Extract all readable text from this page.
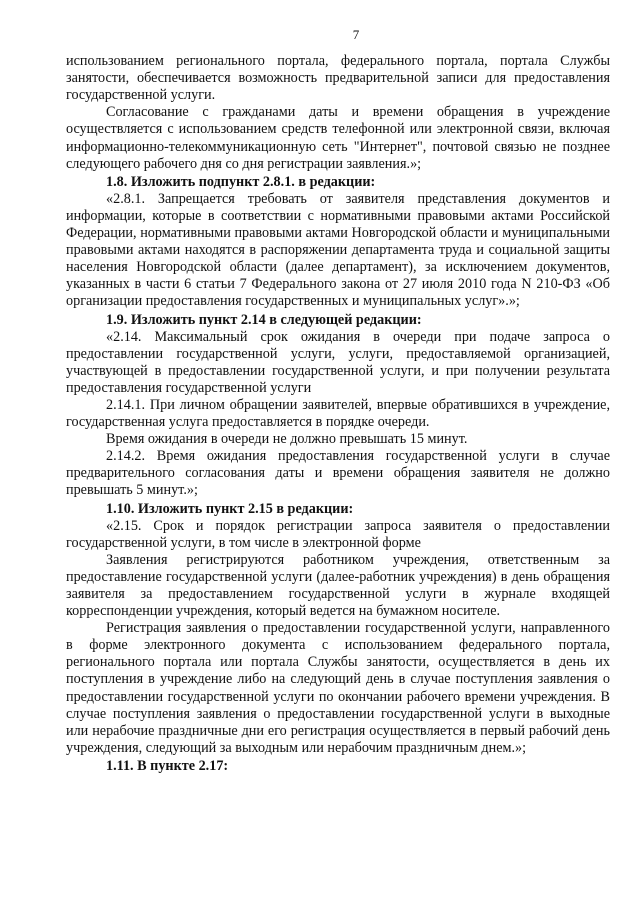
7

использованием регионального портала, федерального портала, портала Службы занятости, обеспечивается возможность предварительной записи для предоставления государственной услуги.

Согласование с гражданами даты и времени обращения в учреждение осуществляется с использованием средств телефонной или электронной связи, включая информационно-телекоммуникационную сеть "Интернет", почтовой связью не позднее следующего рабочего дня со дня регистрации заявления.»;

1.8. Изложить подпункт 2.8.1. в редакции:

«2.8.1. Запрещается требовать от заявителя представления документов и информации, которые в соответствии с нормативными правовыми актами Российской Федерации, нормативными правовыми актами Новгородской области и муниципальными правовыми актами находятся в распоряжении департамента труда и социальной защиты населения Новгородской области (далее департамент), за исключением документов, указанных в части 6 статьи 7 Федерального закона от 27 июля 2010 года N 210-ФЗ «Об организации предоставления государственных и муниципальных услуг».»;

1.9. Изложить пункт 2.14 в следующей редакции:

«2.14. Максимальный срок ожидания в очереди при подаче запроса о предоставлении государственной услуги, услуги, предоставляемой организацией, участвующей в предоставлении государственной услуги, и при получении результата предоставления государственной услуги

2.14.1. При личном обращении заявителей, впервые обратившихся в учреждение, государственная услуга предоставляется в порядке очереди.

Время ожидания в очереди не должно превышать 15 минут.

2.14.2. Время ожидания предоставления государственной услуги в случае предварительного согласования даты и времени обращения заявителя не должно превышать 5 минут.»;

1.10. Изложить пункт 2.15 в редакции:

«2.15. Срок и порядок регистрации запроса заявителя о предоставлении государственной услуги, в том числе в электронной форме

Заявления регистрируются работником учреждения, ответственным за предоставление государственной услуги (далее-работник учреждения) в день обращения заявителя за предоставлением государственной услуги в журнале входящей корреспонденции учреждения, который ведется на бумажном носителе.

Регистрация заявления о предоставлении государственной услуги, направленного в форме электронного документа с использованием федерального портала, регионального портала или портала Службы занятости, осуществляется в день их поступления в учреждение либо на следующий день в случае поступления заявления о предоставлении государственной услуги по окончании рабочего времени учреждения. В случае поступления заявления о предоставлении государственной услуги в выходные или нерабочие праздничные дни его регистрация осуществляется в первый рабочий день учреждения, следующий за выходным или нерабочим праздничным днем.»;

1.11. В пункте 2.17:
